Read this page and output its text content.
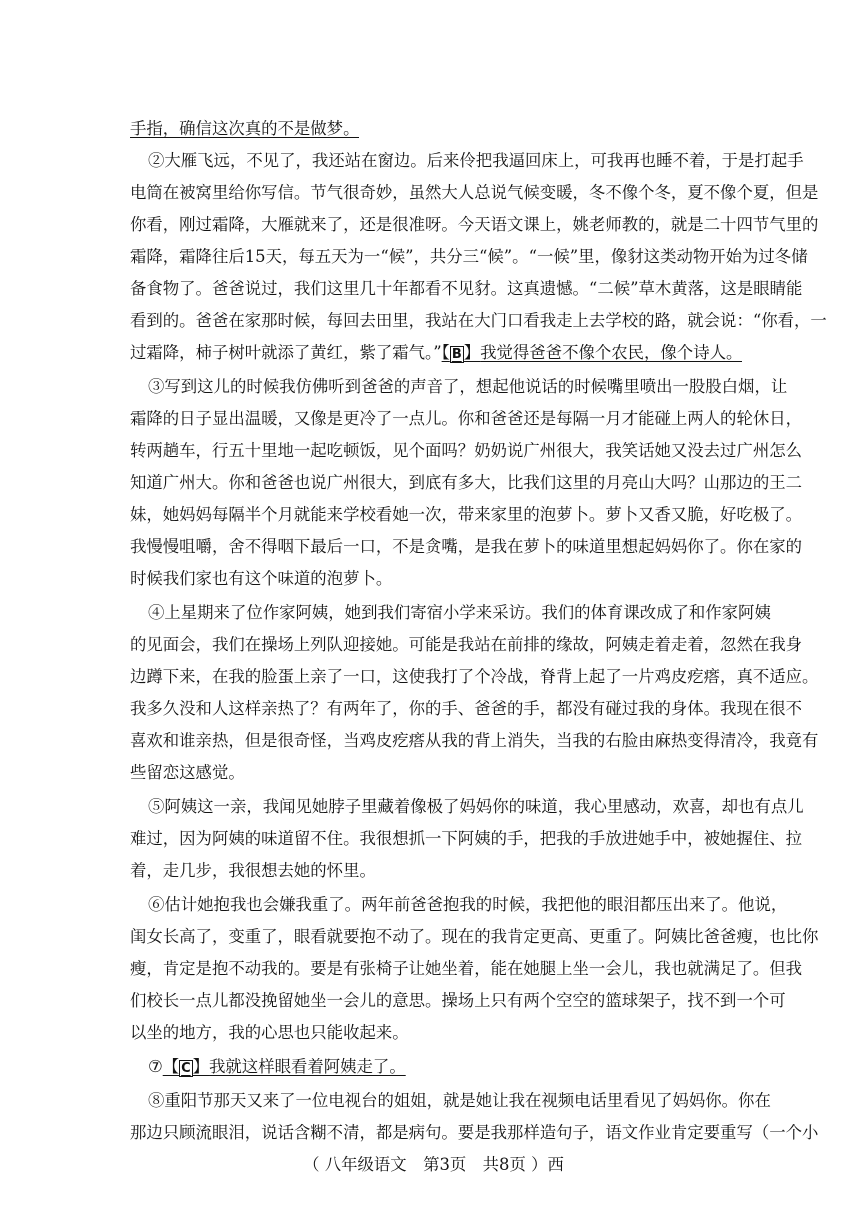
手指，确信这次真的不是做梦。
②大雁飞远，不见了，我还站在窗边。后来伶把我逼回床上，可我再也睡不着，于是打起手
电筒在被窝里给你写信。节气很奇妙，虽然大人总说气候变暖，冬不像个冬，夏不像个夏，但是
你看，刚过霜降，大雁就来了，还是很准呀。今天语文课上，姚老师教的，就是二十四节气里的
霜降，霜降往后15天，每五天为一“候”，共分三“候”。“一候”里，像豺这类动物开始为过冬储
备食物了。爸爸说过，我们这里几十年都看不见豺。这真遗憾。“二候”草木黄落，这是眼睛能
看到的。爸爸在家那时候，每回去田里，我站在大门口看我走上去学校的路，就会说：“你看，一
过霜降，柿子树叶就添了黄红，紫了霜气。”【 B 】我觉得爸爸不像个农民，像个诗人。
③写到这儿的时候我仿佛听到爸爸的声音了，想起他说话的时候嘴里喷出一股股白烟，让
霜降的日子显出温暖，又像是更冷了一点儿。你和爸爸还是每隔一月才能碰上两人的轮休日，
转两趟车，行五十里地一起吃顿饭，见个面吗？奶奶说广州很大，我笑话她又没去过广州怎么
知道广州大。你和爸爸也说广州很大，到底有多大，比我们这里的月亮山大吗？山那边的王二
妹，她妈妈每隔半个月就能来学校看她一次，带来家里的泡萝卜。萝卜又香又脆，好吃极了。
我慢慢咀嚼，舍不得咽下最后一口，不是贪嘴，是我在萝卜的味道里想起妈妈你了。你在家的
时候我们家也有这个味道的泡萝卜。
④上星期来了位作家阿姨，她到我们寄宿小学来采访。我们的体育课改成了和作家阿姨
的见面会，我们在操场上列队迎接她。可能是我站在前排的缘故，阿姨走着走着，忽然在我身
边蹲下来，在我的脸蛋上亲了一口，这使我打了个冷战，脊背上起了一片鸡皮疙瘩，真不适应。
我多久没和人这样亲热了？有两年了，你的手、爸爸的手，都没有碰过我的身体。我现在很不
喜欢和谁亲热，但是很奇怪，当鸡皮疙瘩从我的背上消失，当我的右脸由麻热变得清冷，我竟有
些留恋这感觉。
⑤阿姨这一亲，我闻见她脖子里藏着像极了妈妈你的味道，我心里感动，欢喜，却也有点儿
难过，因为阿姨的味道留不住。我很想抓一下阿姨的手，把我的手放进她手中，被她握住、拉
着，走几步，我很想去她的怀里。
⑥估计她抱我也会嫌我重了。两年前爸爸抱我的时候，我把他的眼泪都压出来了。他说，
闺女长高了，变重了，眼看就要抱不动了。现在的我肯定更高、更重了。阿姨比爸爸瘦，也比你
瘦，肯定是抱不动我的。要是有张椅子让她坐着，能在她腿上坐一会儿，我也就满足了。但我
们校长一点儿都没挽留她坐一会儿的意思。操场上只有两个空空的篮球架子，找不到一个可
以坐的地方，我的心思也只能收起来。
⑦【 C 】我就这样眼看着阿姨走了。
⑧重阳节那天又来了一位电视台的姐姐，就是她让我在视频电话里看见了妈妈你。你在
那边只顾流眼泪，说话含糊不清，都是病句。要是我那样造句子，语文作业肯定要重写（一个小
（ 八年级语文　第3页　共8页 ）西
